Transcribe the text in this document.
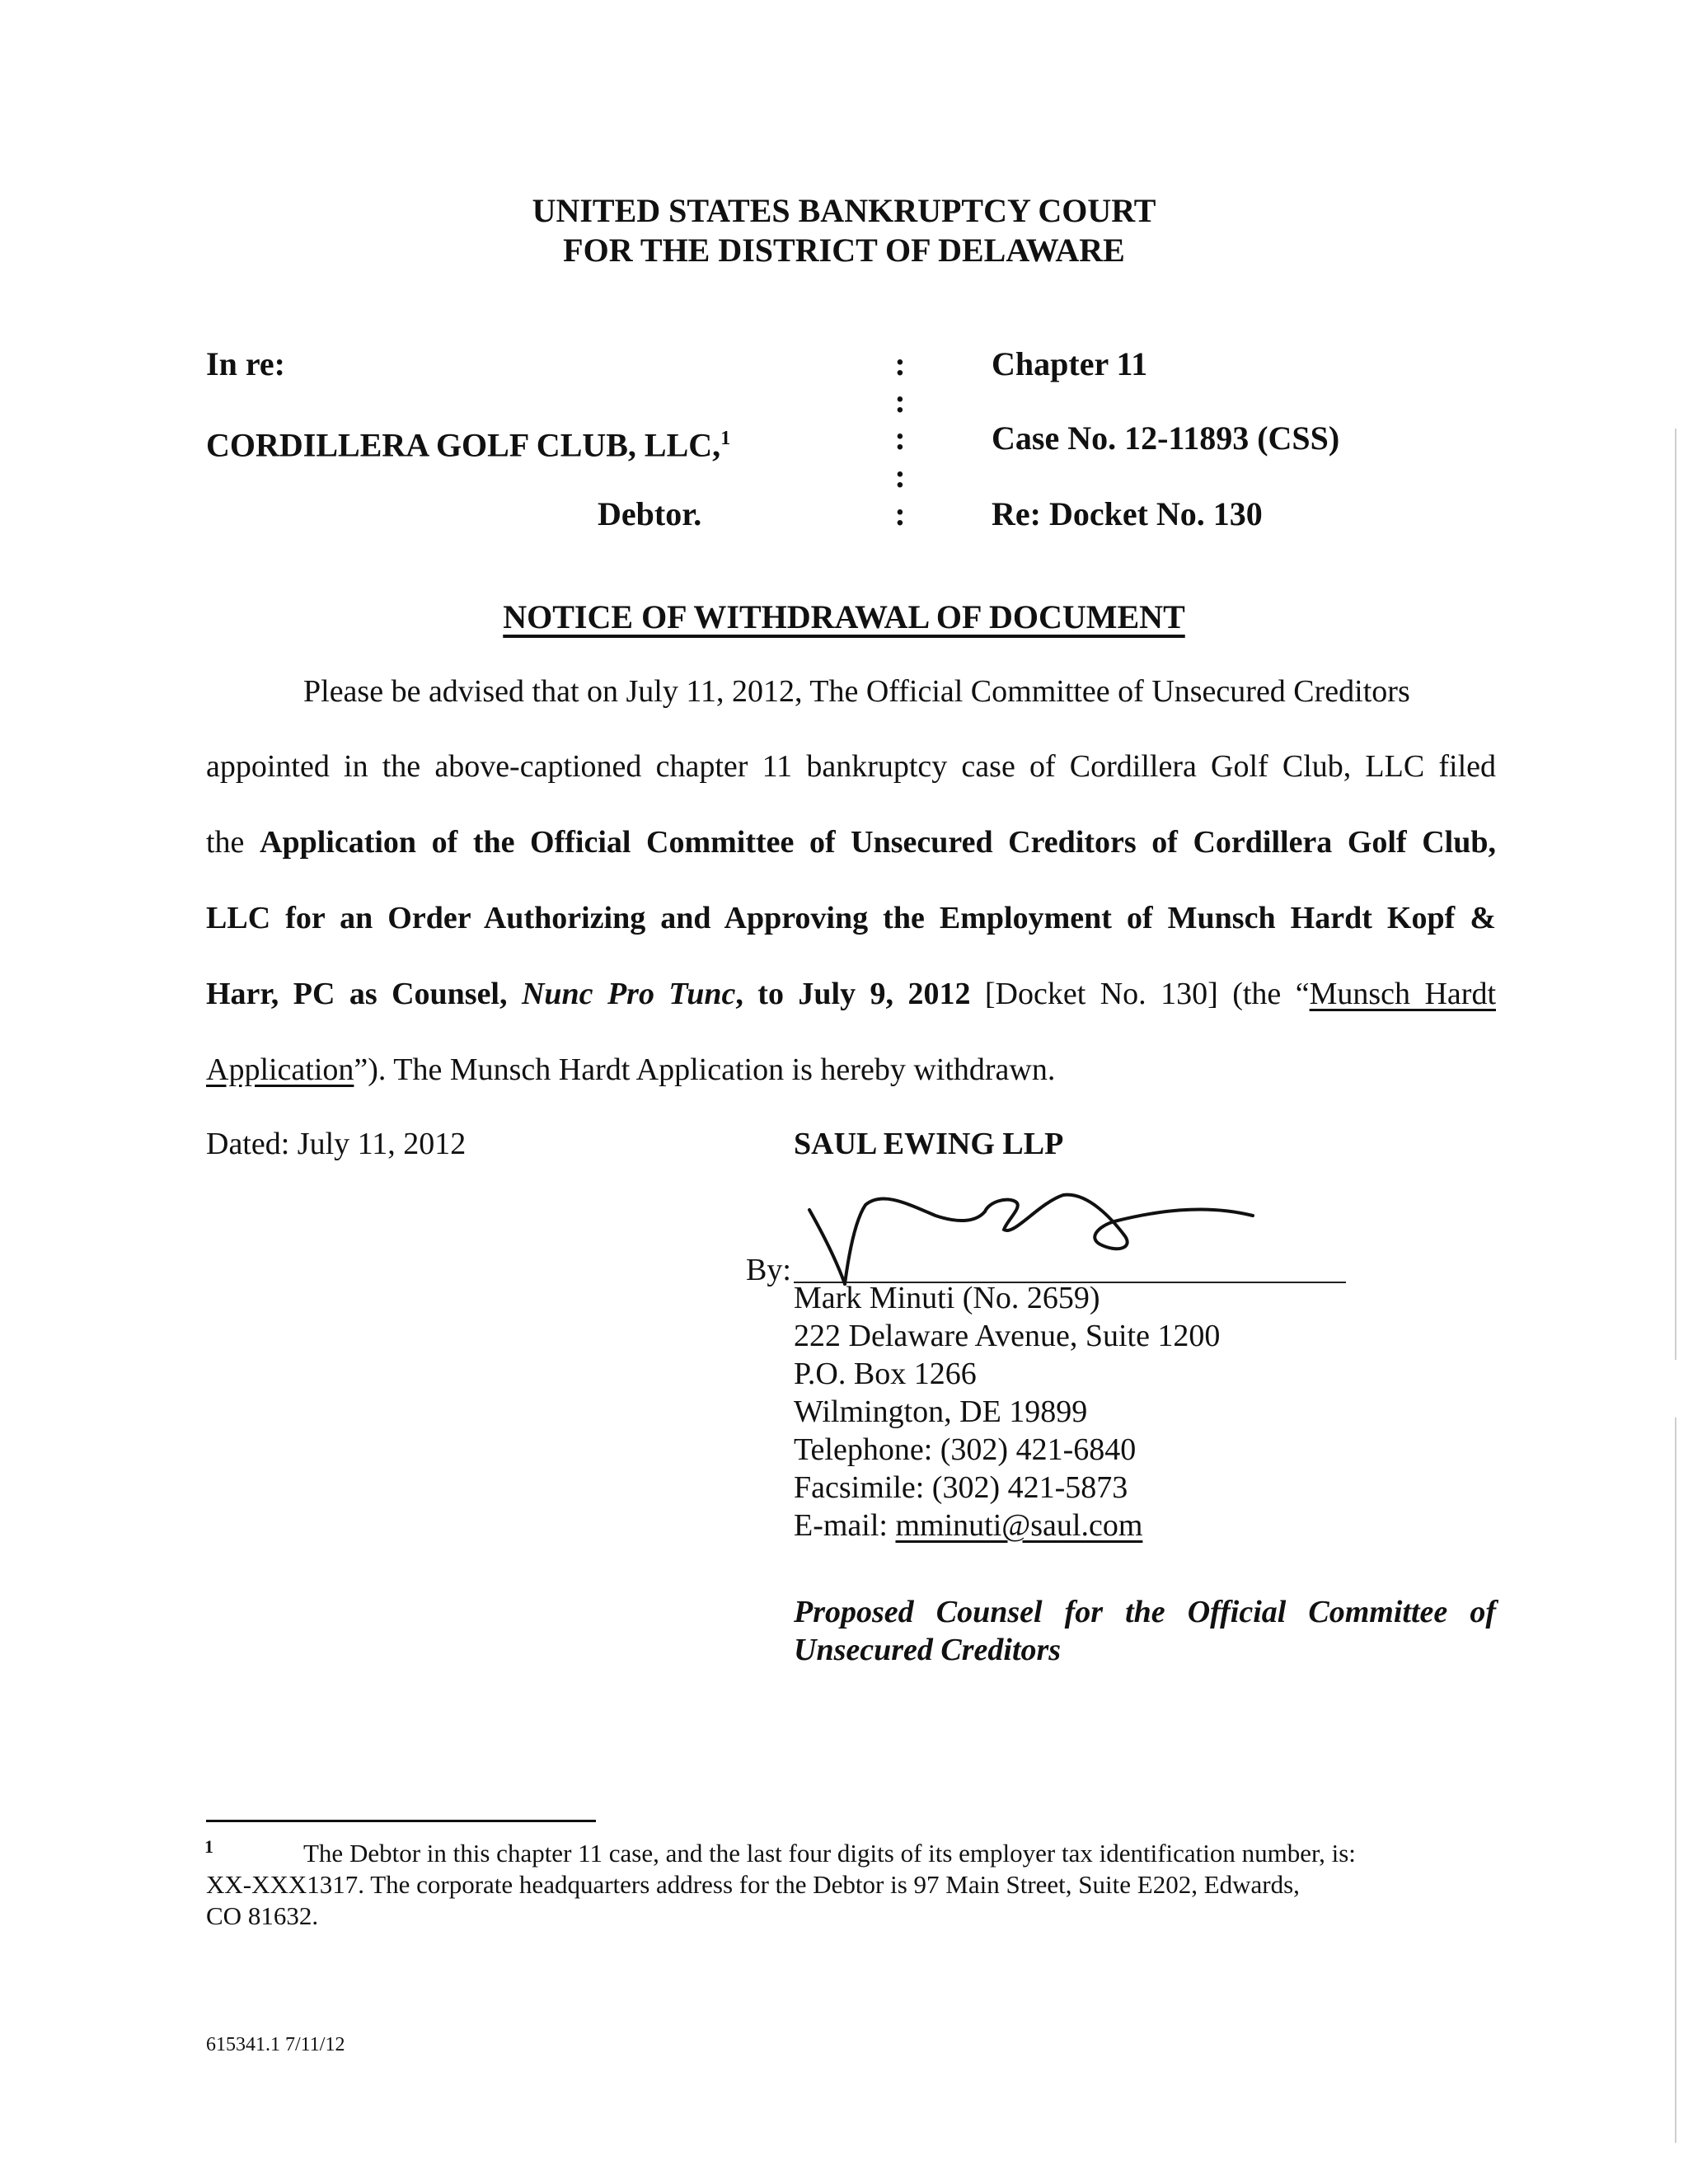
UNITED STATES BANKRUPTCY COURT
FOR THE DISTRICT OF DELAWARE
In re:
CORDILLERA GOLF CLUB, LLC,$^1$
Debtor.
:
:
:
:
:
Chapter 11
Case No. 12-11893 (CSS)
Re: Docket No. 130
NOTICE OF WITHDRAWAL OF DOCUMENT
Please be advised that on July 11, 2012, The Official Committee of Unsecured Creditors
appointed in the above-captioned chapter 11 bankruptcy case of Cordillera Golf Club, LLC filed
the Application of the Official Committee of Unsecured Creditors of Cordillera Golf Club,
LLC for an Order Authorizing and Approving the Employment of Munsch Hardt Kopf &
Harr, PC as Counsel, Nunc Pro Tunc, to July 9, 2012 [Docket No. 130] (the “Munsch Hardt
Application”). The Munsch Hardt Application is hereby withdrawn.
Dated: July 11, 2012	SAUL EWING LLP
By:
Mark Minuti (No. 2659)
222 Delaware Avenue, Suite 1200
P.O. Box 1266
Wilmington, DE 19899
Telephone: (302) 421-6840
Facsimile: (302) 421-5873
E-mail: mminuti@saul.com
Proposed Counsel for the Official Committee of
Unsecured Creditors
1	The Debtor in this chapter 11 case, and the last four digits of its employer tax identification number, is:
XX-XXX1317. The corporate headquarters address for the Debtor is 97 Main Street, Suite E202, Edwards,
CO 81632.
615341.1 7/11/12
